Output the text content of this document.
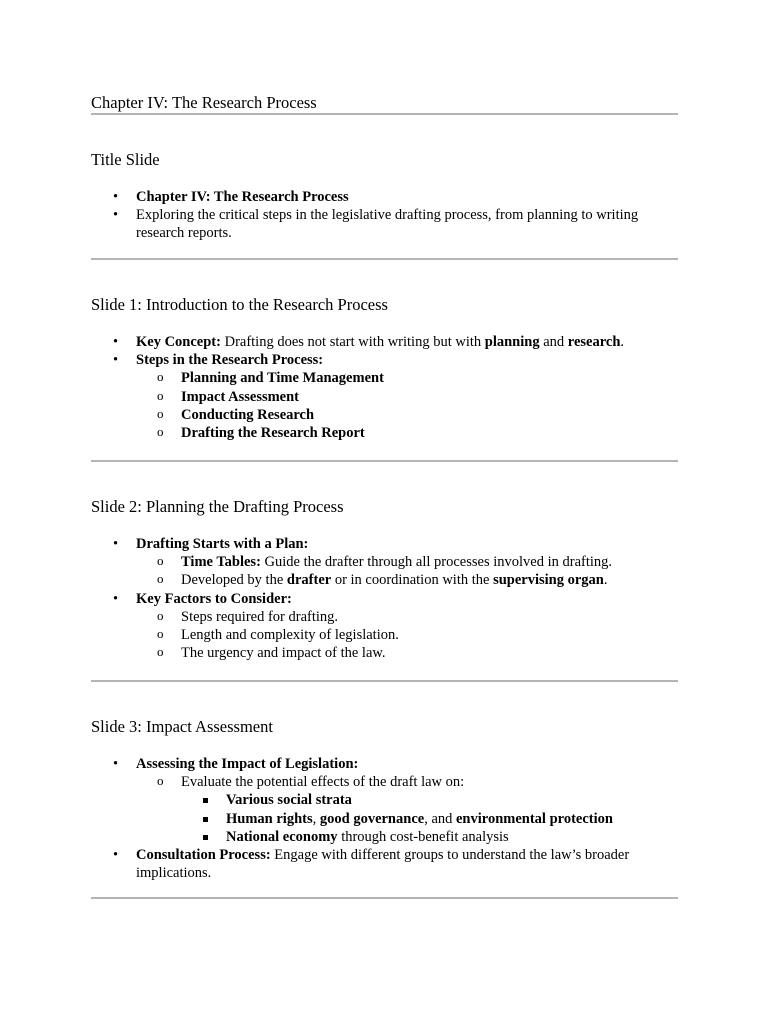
Chapter IV: The Research Process
Title Slide
• Chapter IV: The Research Process
• Exploring the critical steps in the legislative drafting process, from planning to writing research reports.
Slide 1: Introduction to the Research Process
• Key Concept: Drafting does not start with writing but with planning and research.
• Steps in the Research Process:
o Planning and Time Management
o Impact Assessment
o Conducting Research
o Drafting the Research Report
Slide 2: Planning the Drafting Process
• Drafting Starts with a Plan:
o Time Tables: Guide the drafter through all processes involved in drafting.
o Developed by the drafter or in coordination with the supervising organ.
• Key Factors to Consider:
o Steps required for drafting.
o Length and complexity of legislation.
o The urgency and impact of the law.
Slide 3: Impact Assessment
• Assessing the Impact of Legislation:
o Evaluate the potential effects of the draft law on:
Various social strata
Human rights, good governance, and environmental protection
National economy through cost-benefit analysis
• Consultation Process: Engage with different groups to understand the law’s broader implications.
